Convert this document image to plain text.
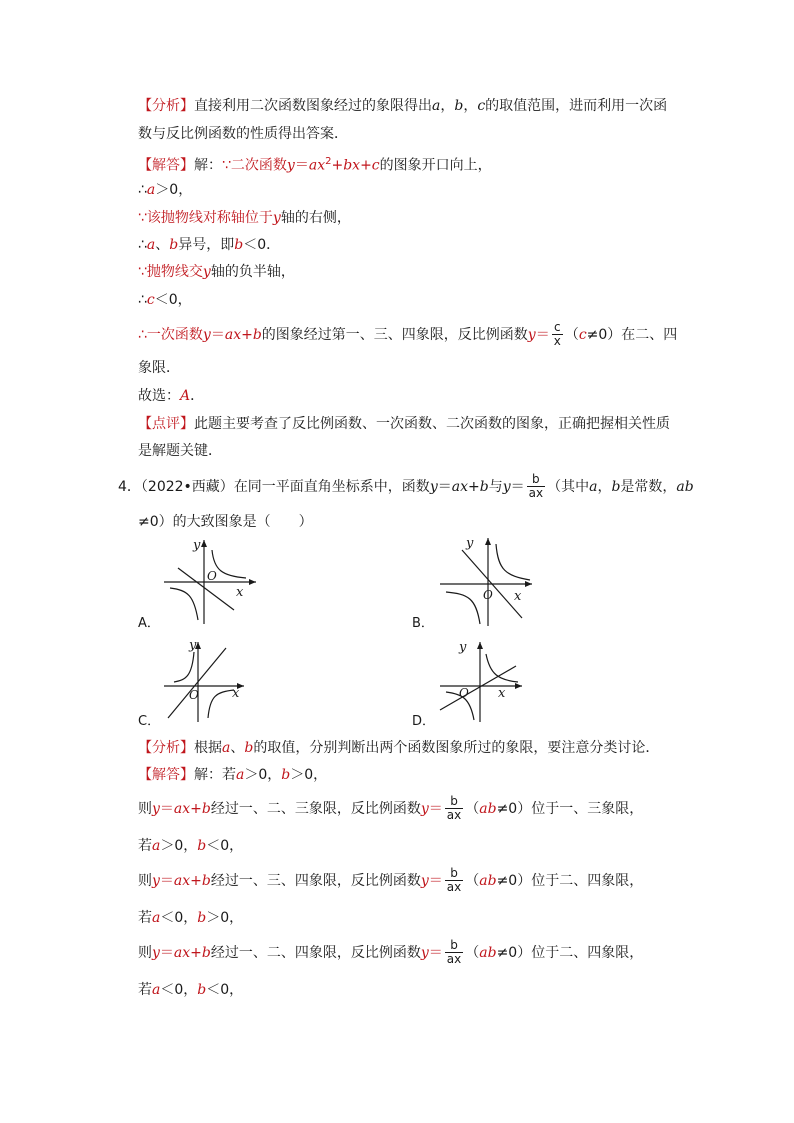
【分析】直接利用二次函数图象经过的象限得出a，b，c的取值范围，进而利用一次函
数与反比例函数的性质得出答案．
【解答】解：∵二次函数$y=ax^2+bx+c$的图象开口向上，
∴a＞0，
∵该抛物线对称轴位于y轴的右侧，
∴a、b异号，即b＜0．
∵抛物线交y轴的负半轴，
∴c＜0，
∴一次函数y＝ax+b的图象经过第一、三、四象限，反比例函数$y= \frac{c}{x} (c\ne 0)$在二、四
象限．
故选：A．
【点评】此题主要考查了反比例函数、一次函数、二次函数的图象，正确把握相关性质
是解题关键．
4．（2022•西藏）在同一平面直角坐标系中，函数y＝ax+b与$y= \frac{b}{ax}$ （其中a，b是常数，ab
≠0）的大致图象是（　　）
y
O
x
A．
y
O x
B．
y
O	x
C．
y
O x
D．
【分析】根据a、b的取值，分别判断出两个函数图象所过的象限，要注意分类讨论．
【解答】解：若a＞0，b＞0，
则y＝ax+b经过一、二、三象限，反比例函数$y= \frac{b}{ax} (ab\ne 0)$位于一、三象限，
若a＞0，b＜0，
则y＝ax+b经过一、三、四象限，反比例函数$y= \frac{b}{ax} (ab\ne 0)$位于二、四象限，
若a＜0，b＞0，
则y＝ax+b经过一、二、四象限，反比例函数$y= \frac{b}{ax} (ab\ne 0)$位于二、四象限，
若a＜0，b＜0，
